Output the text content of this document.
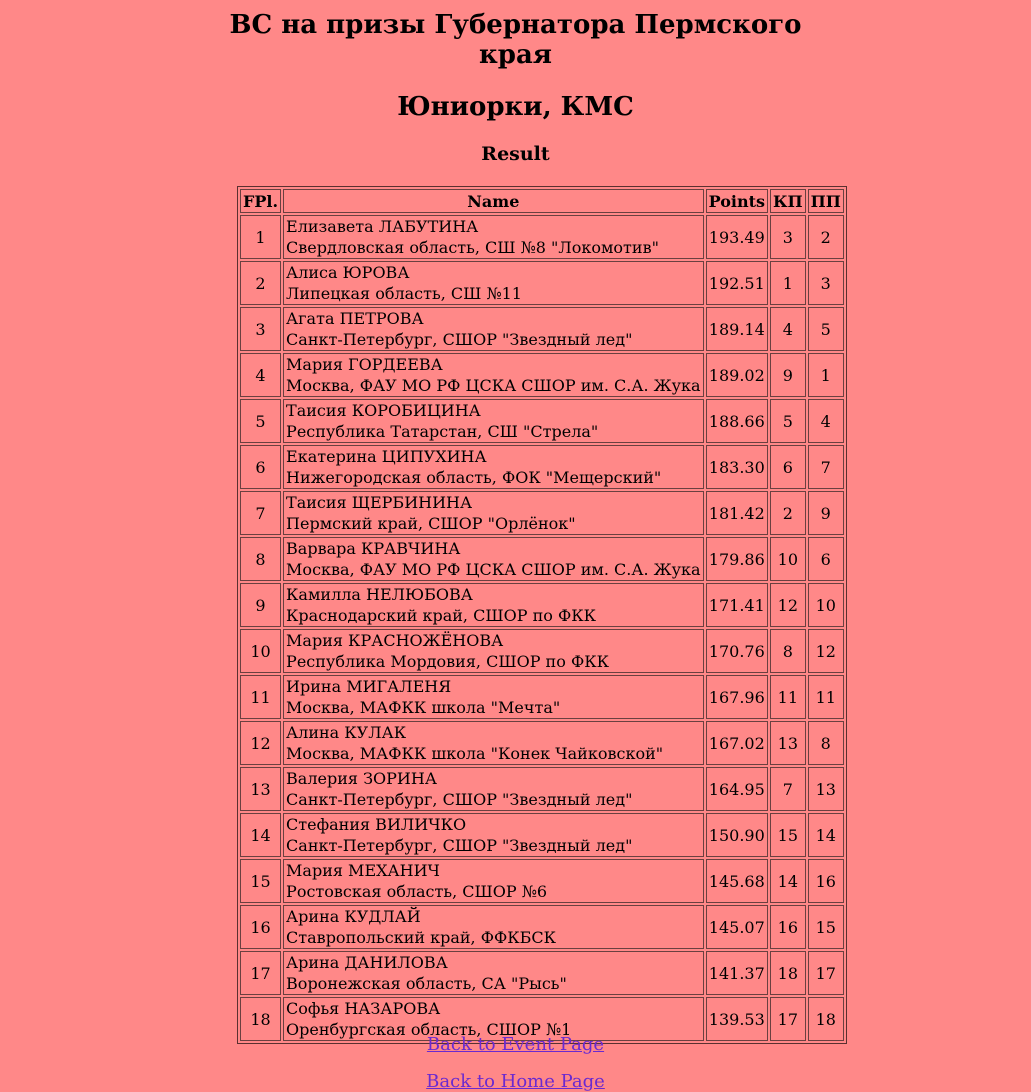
ВС на призы Губернатора Пермского
края
Юниорки, КМС
Result
FPl.	Name	Points	КП	ПП
1	Елизавета ЛАБУТИНА
Свердловская область, СШ №8 "Локомотив"	193.49	3	2
2	Алиса ЮРОВА
Липецкая область, СШ №11	192.51	1	3
3	Агата ПЕТРОВА
Санкт-Петербург, СШОР "Звездный лед"	189.14	4	5
4	Мария ГОРДЕЕВА
Москва, ФАУ МО РФ ЦСКА СШОР им. С.А. Жука	189.02	9	1
5	Таисия КОРОБИЦИНА
Республика Татарстан, СШ "Стрела"	188.66	5	4
6	Екатерина ЦИПУХИНА
Нижегородская область, ФОК "Мещерский"	183.30	6	7
7	Таисия ЩЕРБИНИНА
Пермский край, СШОР "Орлёнок"	181.42	2	9
8	Варвара КРАВЧИНА
Москва, ФАУ МО РФ ЦСКА СШОР им. С.А. Жука	179.86	10	6
9	Камилла НЕЛЮБОВА
Краснодарский край, СШОР по ФКК	171.41	12	10
10	Мария КРАСНОЖЁНОВА
Республика Мордовия, СШОР по ФКК	170.76	8	12
11	Ирина МИГАЛЕНЯ
Москва, МАФКК школа "Мечта"	167.96	11	11
12	Алина КУЛАК
Москва, МАФКК школа "Конек Чайковской"	167.02	13	8
13	Валерия ЗОРИНА
Санкт-Петербург, СШОР "Звездный лед"	164.95	7	13
14	Стефания ВИЛИЧКО
Санкт-Петербург, СШОР "Звездный лед"	150.90	15	14
15	Мария МЕХАНИЧ
Ростовская область, СШОР №6	145.68	14	16
16	Арина КУДЛАЙ
Ставропольский край, ФФКБСК	145.07	16	15
17	Арина ДАНИЛОВА
Воронежская область, СА "Рысь"	141.37	18	17
18	Софья НАЗАРОВА
Оренбургская область, СШОР №1	139.53	17	18
Back to Event Page
Back to Home Page
